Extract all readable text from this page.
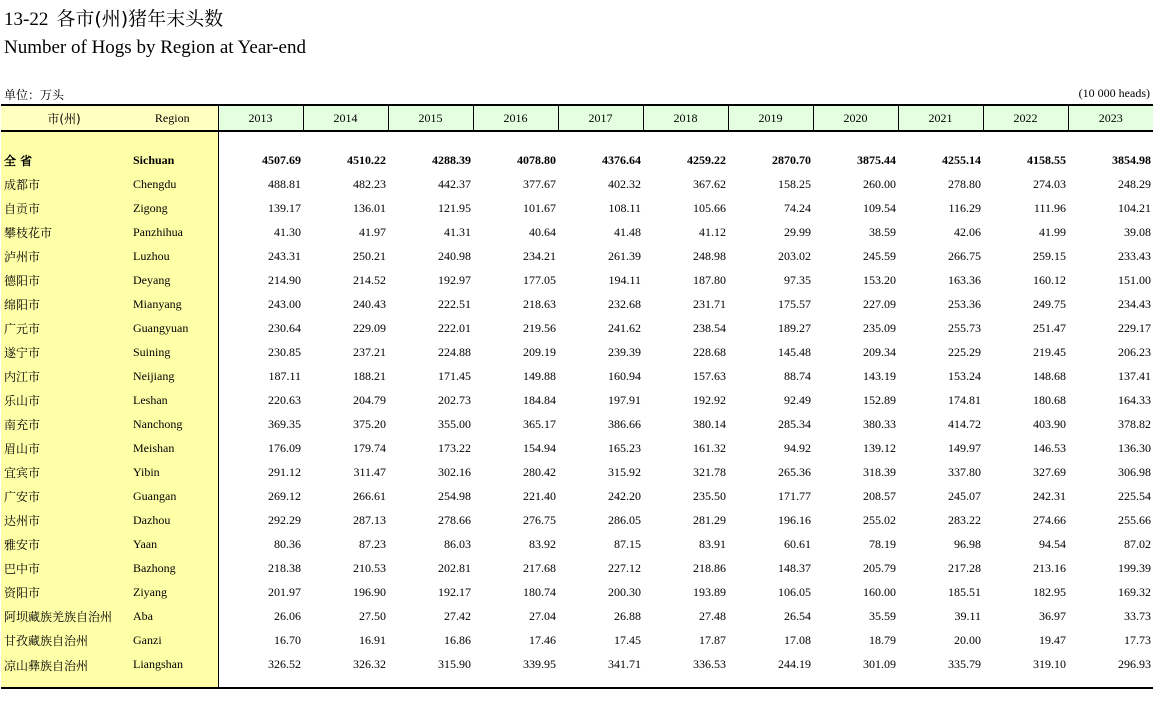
13-22 各市(州)猪年末头数
Number of Hogs by Region at Year-end
单位：万头	(10 000 heads)
市(州)	Region	2013	2014	2015	2016	2017	2018	2019	2020	2021	2022	2023

全 省	Sichuan	4507.69	4510.22	4288.39	4078.80	4376.64	4259.22	2870.70	3875.44	4255.14	4158.55	3854.98
成都市	Chengdu	488.81	482.23	442.37	377.67	402.32	367.62	158.25	260.00	278.80	274.03	248.29
自贡市	Zigong	139.17	136.01	121.95	101.67	108.11	105.66	74.24	109.54	116.29	111.96	104.21
攀枝花市	Panzhihua	41.30	41.97	41.31	40.64	41.48	41.12	29.99	38.59	42.06	41.99	39.08
泸州市	Luzhou	243.31	250.21	240.98	234.21	261.39	248.98	203.02	245.59	266.75	259.15	233.43
德阳市	Deyang	214.90	214.52	192.97	177.05	194.11	187.80	97.35	153.20	163.36	160.12	151.00
绵阳市	Mianyang	243.00	240.43	222.51	218.63	232.68	231.71	175.57	227.09	253.36	249.75	234.43
广元市	Guangyuan	230.64	229.09	222.01	219.56	241.62	238.54	189.27	235.09	255.73	251.47	229.17
遂宁市	Suining	230.85	237.21	224.88	209.19	239.39	228.68	145.48	209.34	225.29	219.45	206.23
内江市	Neijiang	187.11	188.21	171.45	149.88	160.94	157.63	88.74	143.19	153.24	148.68	137.41
乐山市	Leshan	220.63	204.79	202.73	184.84	197.91	192.92	92.49	152.89	174.81	180.68	164.33
南充市	Nanchong	369.35	375.20	355.00	365.17	386.66	380.14	285.34	380.33	414.72	403.90	378.82
眉山市	Meishan	176.09	179.74	173.22	154.94	165.23	161.32	94.92	139.12	149.97	146.53	136.30
宜宾市	Yibin	291.12	311.47	302.16	280.42	315.92	321.78	265.36	318.39	337.80	327.69	306.98
广安市	Guangan	269.12	266.61	254.98	221.40	242.20	235.50	171.77	208.57	245.07	242.31	225.54
达州市	Dazhou	292.29	287.13	278.66	276.75	286.05	281.29	196.16	255.02	283.22	274.66	255.66
雅安市	Yaan	80.36	87.23	86.03	83.92	87.15	83.91	60.61	78.19	96.98	94.54	87.02
巴中市	Bazhong	218.38	210.53	202.81	217.68	227.12	218.86	148.37	205.79	217.28	213.16	199.39
资阳市	Ziyang	201.97	196.90	192.17	180.74	200.30	193.89	106.05	160.00	185.51	182.95	169.32
阿坝藏族羌族自治州	Aba	26.06	27.50	27.42	27.04	26.88	27.48	26.54	35.59	39.11	36.97	33.73
甘孜藏族自治州	Ganzi	16.70	16.91	16.86	17.46	17.45	17.87	17.08	18.79	20.00	19.47	17.73
凉山彝族自治州	Liangshan	326.52	326.32	315.90	339.95	341.71	336.53	244.19	301.09	335.79	319.10	296.93
